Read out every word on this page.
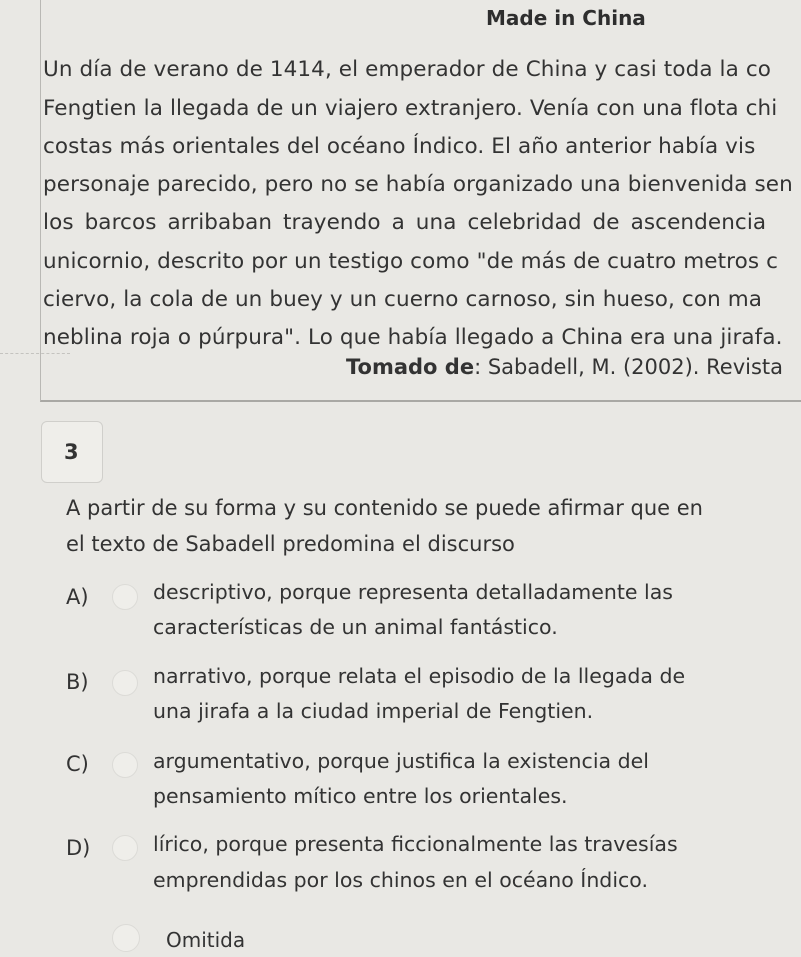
Made in China
Un día de verano de 1414, el emperador de China y casi toda la co
Fengtien la llegada de un viajero extranjero. Venía con una flota chi
costas más orientales del océano Índico. El año anterior había vis
personaje parecido, pero no se había organizado una bienvenida sen
los barcos arribaban trayendo a una celebridad de ascendencia
unicornio, descrito por un testigo como "de más de cuatro metros c
ciervo, la cola de un buey y un cuerno carnoso, sin hueso, con ma
neblina roja o púrpura". Lo que había llegado a China era una jirafa.
Tomado de: Sabadell, M. (2002). Revista
3
A partir de su forma y su contenido se puede afirmar que en
el texto de Sabadell predomina el discurso
A)	descriptivo, porque representa detalladamente las
características de un animal fantástico.
B)	narrativo, porque relata el episodio de la llegada de
una jirafa a la ciudad imperial de Fengtien.
C)	argumentativo, porque justifica la existencia del
pensamiento mítico entre los orientales.
D)	lírico, porque presenta ficcionalmente las travesías
emprendidas por los chinos en el océano Índico.
Omitida
